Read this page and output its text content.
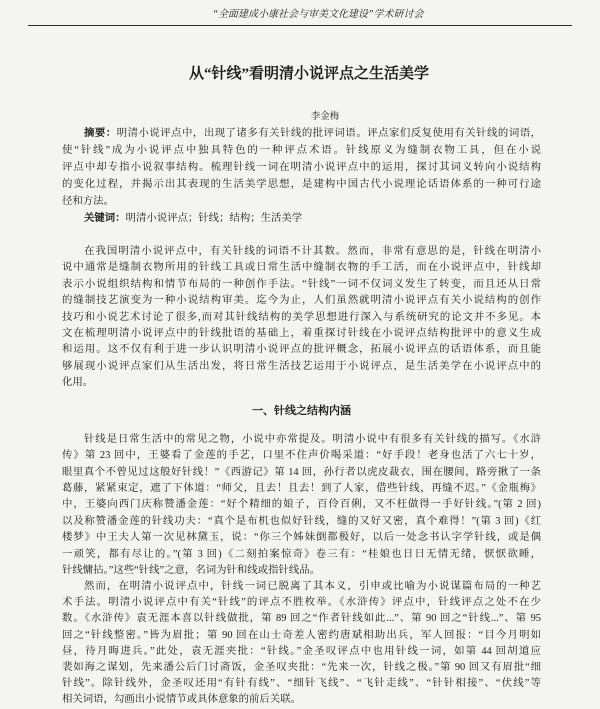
“全面建成小康社会与审美文化建设”学术研讨会
从“针线”看明清小说评点之生活美学
李金梅
摘要：明清小说评点中，出现了诸多有关针线的批评词语。评点家们反复使用有关针线的词语，
使“针线”成为小说评点中独具特色的一种评点术语。针线原义为缝制衣物工具，但在小说
评点中却专指小说叙事结构。梳理针线一词在明清小说评点中的运用，探讨其词义转向小说结构
的变化过程，并揭示出其表现的生活美学思想，是建构中国古代小说理论话语体系的一种可行途
径和方法。
关键词：明清小说评点；针线；结构；生活美学
在我国明清小说评点中，有关针线的词语不计其数。然而，非常有意思的是，针线在明清小
说中通常是缝制衣物所用的针线工具或日常生活中缝制衣物的手工活，而在小说评点中，针线却
表示小说组织结构和情节布局的一种创作手法。“针线”一词不仅词义发生了转变，而且还从日常
的缝制技艺演变为一种小说结构审美。迄今为止，人们虽然就明清小说评点有关小说结构的创作
技巧和小说艺术讨论了很多,而对其针线结构的美学思想进行深入与系统研究的论文并不多见。本
文在梳理明清小说评点中的针线批语的基础上，着重探讨针线在小说评点结构批评中的意义生成
和运用。这不仅有利于进一步认识明清小说评点的批评概念，拓展小说评点的话语体系，而且能
够展现小说评点家们从生活出发，将日常生活技艺运用于小说评点，是生活美学在小说评点中的
化用。
一、针线之结构内涵
针线是日常生活中的常见之物，小说中亦常提及。明清小说中有很多有关针线的描写。《水浒
传》第 23 回中，王婆看了金莲的手艺，口里不住声价喝采道：“好手段！老身也活了六七十岁，
眼里真个不曾见过这般好针线！”《西游记》第 14 回，孙行者以虎皮裁衣，围在腰间，路旁揪了一条
葛藤，紧紧束定，遮了下体道：“师父，且去！且去！到了人家，借些针线，再缝不迟。”《金瓶梅》
中，王婆向西门庆称赞潘金莲：“好个精细的娘子，百伶百俐，又不枉做得一手好针线。”(第 2 回)
以及称赞潘金莲的针线功夫：“真个是布机也似好针线，缝的又好又密，真个难得！”(第 3 回)《红
楼梦》中王夫人第一次见林黛玉，说：“你三个姊妹倒都极好，以后一处念书认字学针线，或是偶
一顽笑，都有尽让的。”(第 3 回)《二刻拍案惊奇》卷三有：“桂娘也日日无情无绪，恹恹欲睡，
针线慵拈。”这些“针线”之意，名词为针和线或指针线品。
然而，在明清小说评点中，针线一词已脱离了其本义，引申或比喻为小说谋篇布局的一种艺
术手法。明清小说评点中有关“针线”的评点不胜枚举。《水浒传》评点中，针线评点之处不在少
数。《水浒传》袁无涯本喜以针线做批，第 89 回之“作者针线如此...”、第 90 回之“针线...”、第 95
回之“针线整密。”皆为眉批；第 90 回在山士奇差人密约唐斌相助出兵，军人回报：“目今月明如
昼，待月晦进兵。”此处，袁无涯夹批：“针线。”金圣叹评点中也用针线一词，如第 44 回胡道应
裴如海之谋划，先来潘公后门讨斋饭，金圣叹夹批：“先来一次，针线之极。”第 90 回又有眉批“细
针线”。除针线外，金圣叹还用“有针有线”、“细针飞线”、“飞针走线”、“针针相接”、“伏线”等
相关词语，勾画出小说情节或具体意象的前后关联。
